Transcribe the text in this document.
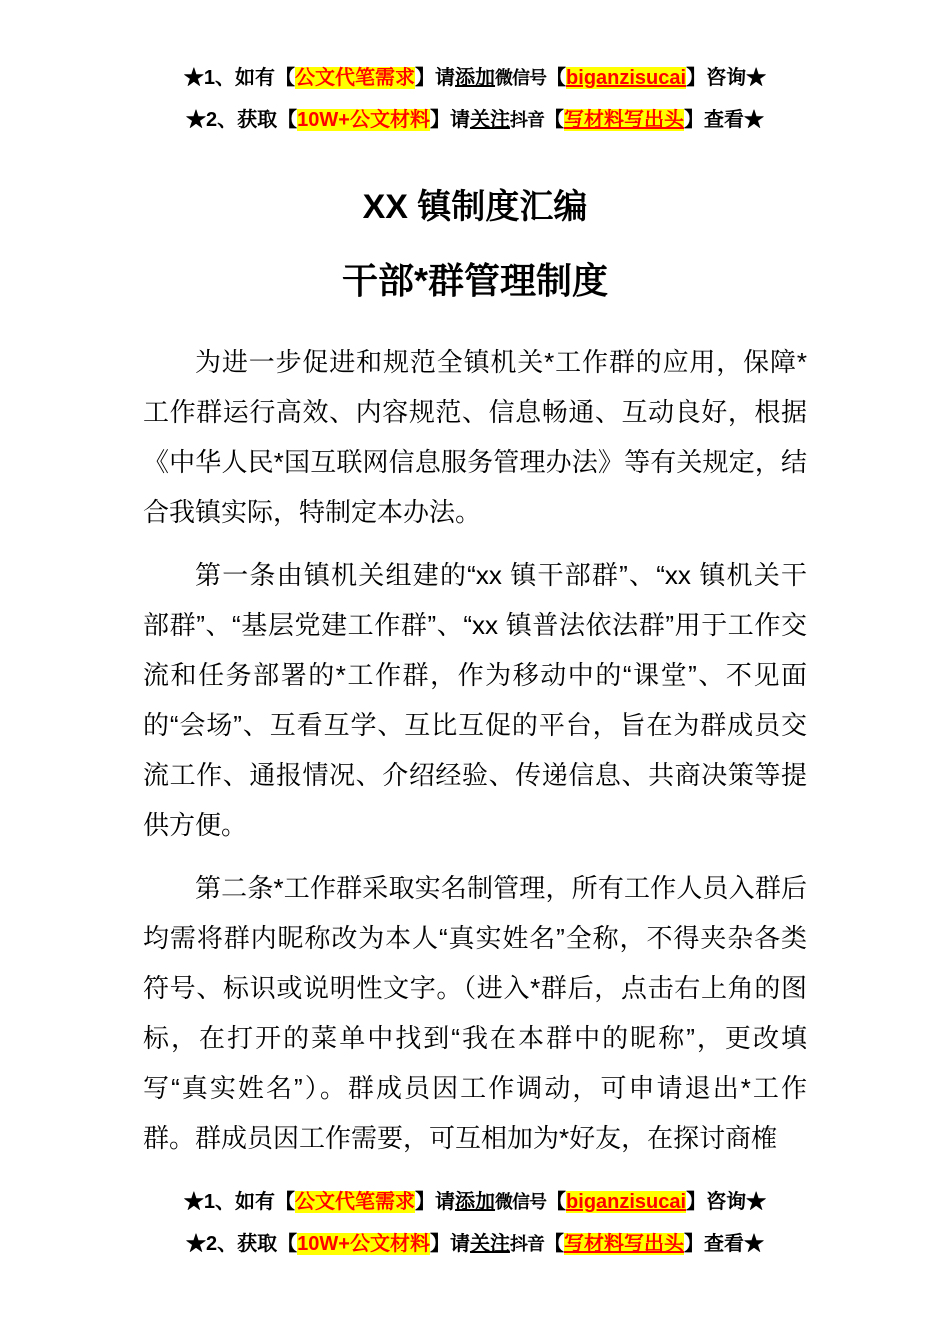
★1、如有【公文代笔需求】请添加微信号【biganzisucai】咨询★
★2、获取【10W+公文材料】请关注抖音【写材料写出头】查看★
XX 镇制度汇编
干部*群管理制度

为进一步促进和规范全镇机关*工作群的应用，保障*工作群运行高效、内容规范、信息畅通、互动良好，根据《中华人民*国互联网信息服务管理办法》等有关规定，结合我镇实际，特制定本办法。

第一条由镇机关组建的“xx 镇干部群”、“xx 镇机关干部群”、“基层党建工作群”、“xx 镇普法依法群”用于工作交流和任务部署的*工作群，作为移动中的“课堂”、不见面的“会场”、互看互学、互比互促的平台，旨在为群成员交流工作、通报情况、介绍经验、传递信息、共商决策等提供方便。

第二条*工作群采取实名制管理，所有工作人员入群后均需将群内昵称改为本人“真实姓名”全称，不得夹杂各类符号、标识或说明性文字。（进入*群后，点击右上角的图标，在打开的菜单中找到“我在本群中的昵称”，更改填写“真实姓名”）。群成员因工作调动，可申请退出*工作群。群成员因工作需要，可互相加为*好友，在探讨商榷

★1、如有【公文代笔需求】请添加微信号【biganzisucai】咨询★
★2、获取【10W+公文材料】请关注抖音【写材料写出头】查看★
